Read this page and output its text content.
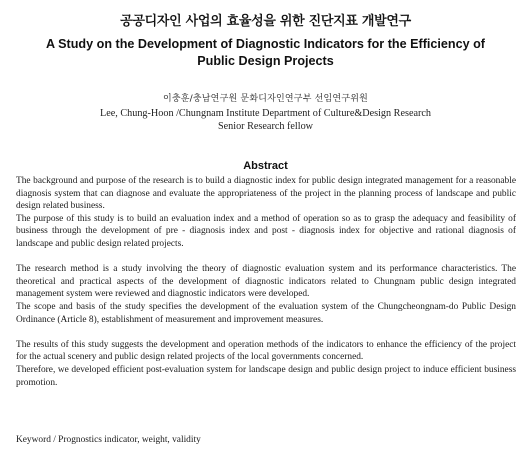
공공디자인 사업의 효율성을 위한 진단지표 개발연구
A Study on the Development of Diagnostic Indicators for the Efficiency of
Public Design Projects
이충훈/충남연구원 문화디자인연구부 선임연구위원
Lee, Chung-Hoon /Chungnam Institute Department of Culture&Design Research
Senior Research fellow
Abstract

The background and purpose of the research is to build a diagnostic index for public design integrated management for a reasonable diagnosis system that can diagnose and evaluate the appropriateness of the project in the planning process of landscape and public design related business.

The purpose of this study is to build an evaluation index and a method of operation so as to grasp the adequacy and feasibility of business through the development of pre - diagnosis index and post - diagnosis index for objective and rational diagnosis of landscape and public design related projects.

The research method is a study involving the theory of diagnostic evaluation system and its performance characteristics. The theoretical and practical aspects of the development of diagnostic indicators related to Chungnam public design integrated management system were reviewed and diagnostic indicators were developed.

The scope and basis of the study specifies the development of the evaluation system of the Chungcheongnam-do Public Design Ordinance (Article 8), establishment of measurement and improvement measures.

The results of this study suggests the development and operation methods of the indicators to enhance the efficiency of the project for the actual scenery and public design related projects of the local governments concerned.

Therefore, we developed efficient post-evaluation system for landscape design and public design project to induce efficient business promotion.

Keyword / Prognostics indicator, weight, validity
